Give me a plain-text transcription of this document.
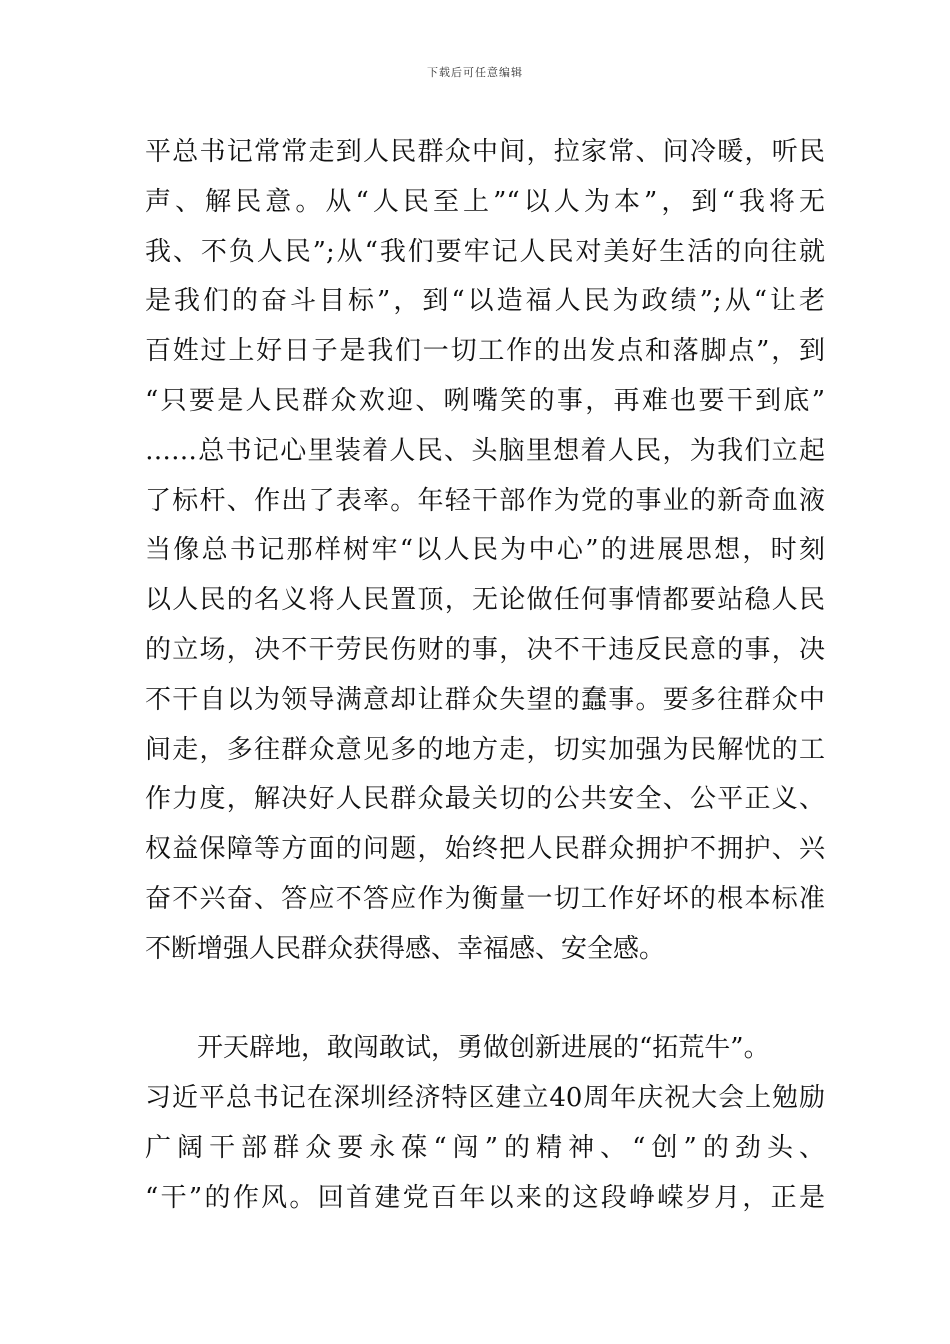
下载后可任意编辑
平总书记常常走到人民群众中间，拉家常、问冷暖，听民
声、解民意。从“人民至上”“以人为本”，到“我将无
我、不负人民”;从“我们要牢记人民对美好生活的向往就
是我们的奋斗目标”，到“以造福人民为政绩”;从“让老
百姓过上好日子是我们一切工作的出发点和落脚点”，到
“只要是人民群众欢迎、咧嘴笑的事，再难也要干到底”
……总书记心里装着人民、头脑里想着人民，为我们立起
了标杆、作出了表率。年轻干部作为党的事业的新奇血液
当像总书记那样树牢“以人民为中心”的进展思想，时刻
以人民的名义将人民置顶，无论做任何事情都要站稳人民
的立场，决不干劳民伤财的事，决不干违反民意的事，决
不干自以为领导满意却让群众失望的蠢事。要多往群众中
间走，多往群众意见多的地方走，切实加强为民解忧的工
作力度，解决好人民群众最关切的公共安全、公平正义、
权益保障等方面的问题，始终把人民群众拥护不拥护、兴
奋不兴奋、答应不答应作为衡量一切工作好坏的根本标准
不断增强人民群众获得感、幸福感、安全感。
开天辟地，敢闯敢试，勇做创新进展的“拓荒牛”。
习近平总书记在深圳经济特区建立40周年庆祝大会上勉励
广阔干部群众要永葆“闯”的精神、“创”的劲头、
“干”的作风。回首建党百年以来的这段峥嵘岁月，正是
